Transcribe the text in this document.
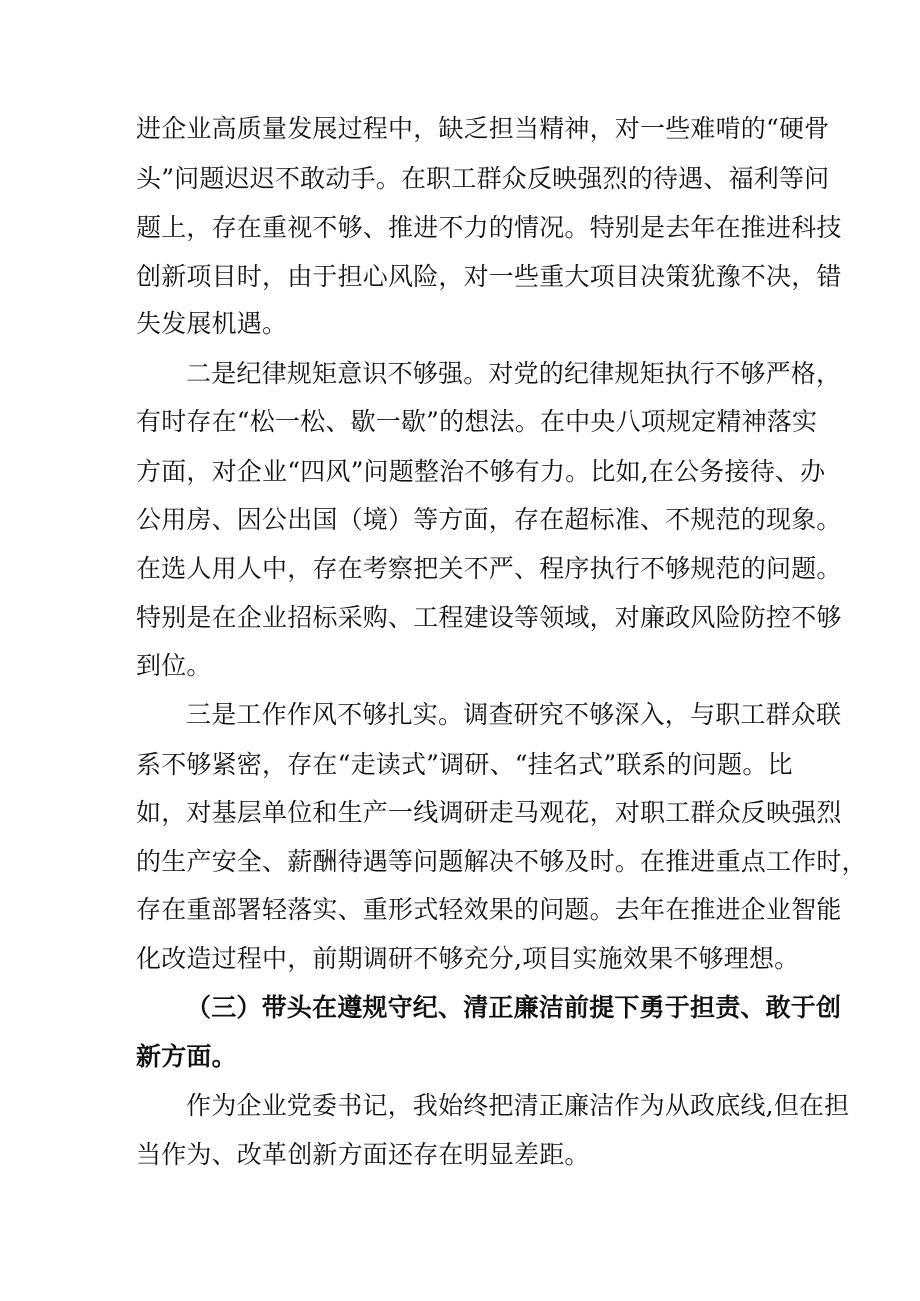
进企业高质量发展过程中，缺乏担当精神，对一些难啃的“硬骨
头”问题迟迟不敢动手。在职工群众反映强烈的待遇、福利等问
题上，存在重视不够、推进不力的情况。特别是去年在推进科技
创新项目时，由于担心风险，对一些重大项目决策犹豫不决，错
失发展机遇。
二是纪律规矩意识不够强。对党的纪律规矩执行不够严格，
有时存在“松一松、歇一歇”的想法。在中央八项规定精神落实
方面，对企业“四风”问题整治不够有力。比如,在公务接待、办
公用房、因公出国（境）等方面，存在超标准、不规范的现象。
在选人用人中，存在考察把关不严、程序执行不够规范的问题。
特别是在企业招标采购、工程建设等领域，对廉政风险防控不够
到位。
三是工作作风不够扎实。调查研究不够深入，与职工群众联
系不够紧密，存在“走读式”调研、“挂名式”联系的问题。比
如，对基层单位和生产一线调研走马观花，对职工群众反映强烈
的生产安全、薪酬待遇等问题解决不够及时。在推进重点工作时，
存在重部署轻落实、重形式轻效果的问题。去年在推进企业智能
化改造过程中，前期调研不够充分,项目实施效果不够理想。
（三）带头在遵规守纪、清正廉洁前提下勇于担责、敢于创
新方面。
作为企业党委书记，我始终把清正廉洁作为从政底线,但在担
当作为、改革创新方面还存在明显差距。
